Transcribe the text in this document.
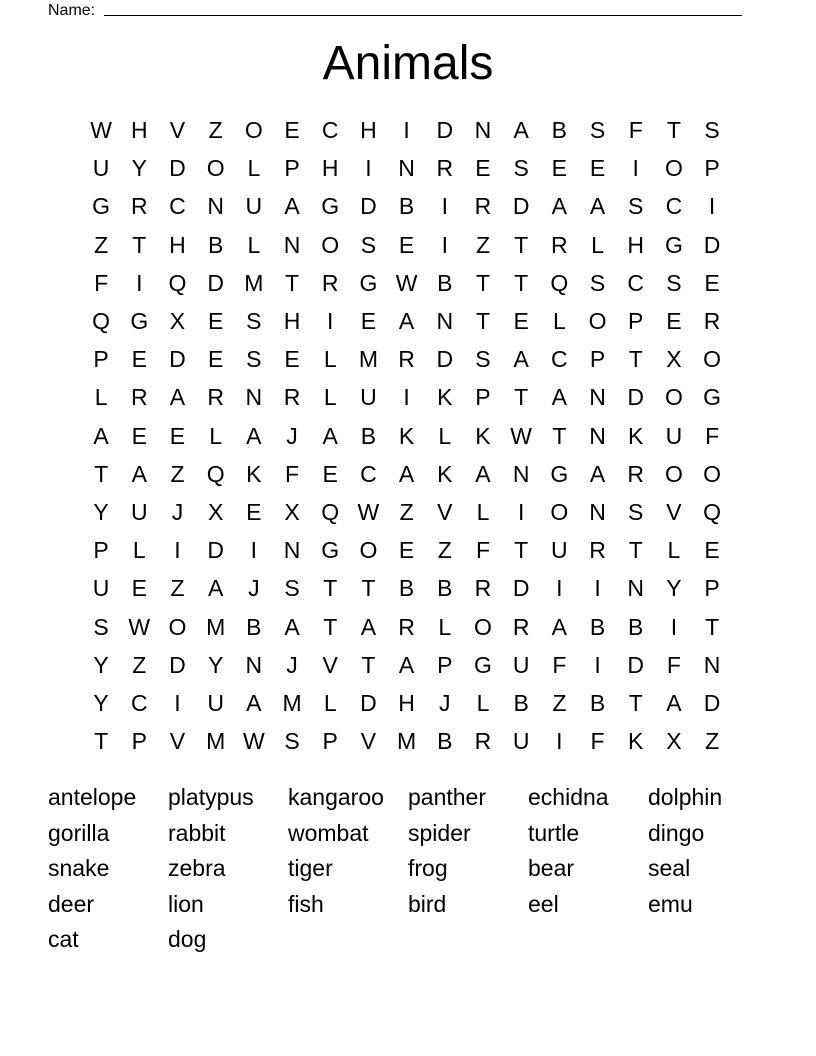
Name:
Animals
W H V	Z O E C H	I	D N A B S	F	T	S
U Y D O L	P H	I	N R E S E E	I	O P
G R C N U A G D B	I	R D A A S C	I
Z	T H B	L	N O S E	I	Z	T R	L	H G D
F	I	Q D M T R G W B	T	T Q S C S E
Q G X E S H	I	E A N T	E	L O P E R
P E D E S E	L M R D S A C P	T	X O
L	R A R N R	L	U	I	K P	T	A N D O G
A E E	L	A	J	A B K	L	K W T N K U F
T	A	Z Q K	F	E C A K A N G A R O O
Y U	J	X E X Q W Z	V	L	I	O N S V Q
P	L	I	D	I	N G O E	Z	F	T U R T	L	E
U E	Z	A	J	S	T	T	B B R D	I	I	N Y P
S W O M B A	T	A R	L O R A B B	I	T
Y	Z D Y N	J	V	T	A P G U F	I	D F N
Y C	I	U A M L	D H	J	L	B	Z	B	T	A D
T	P V M W S P V M B R U	I	F	K X	Z
antelope	platypus	kangaroo	panther	echidna	dolphin
gorilla	rabbit	wombat	spider	turtle	dingo
snake	zebra	tiger	frog	bear	seal
deer	lion	fish	bird	eel	emu
cat	dog
